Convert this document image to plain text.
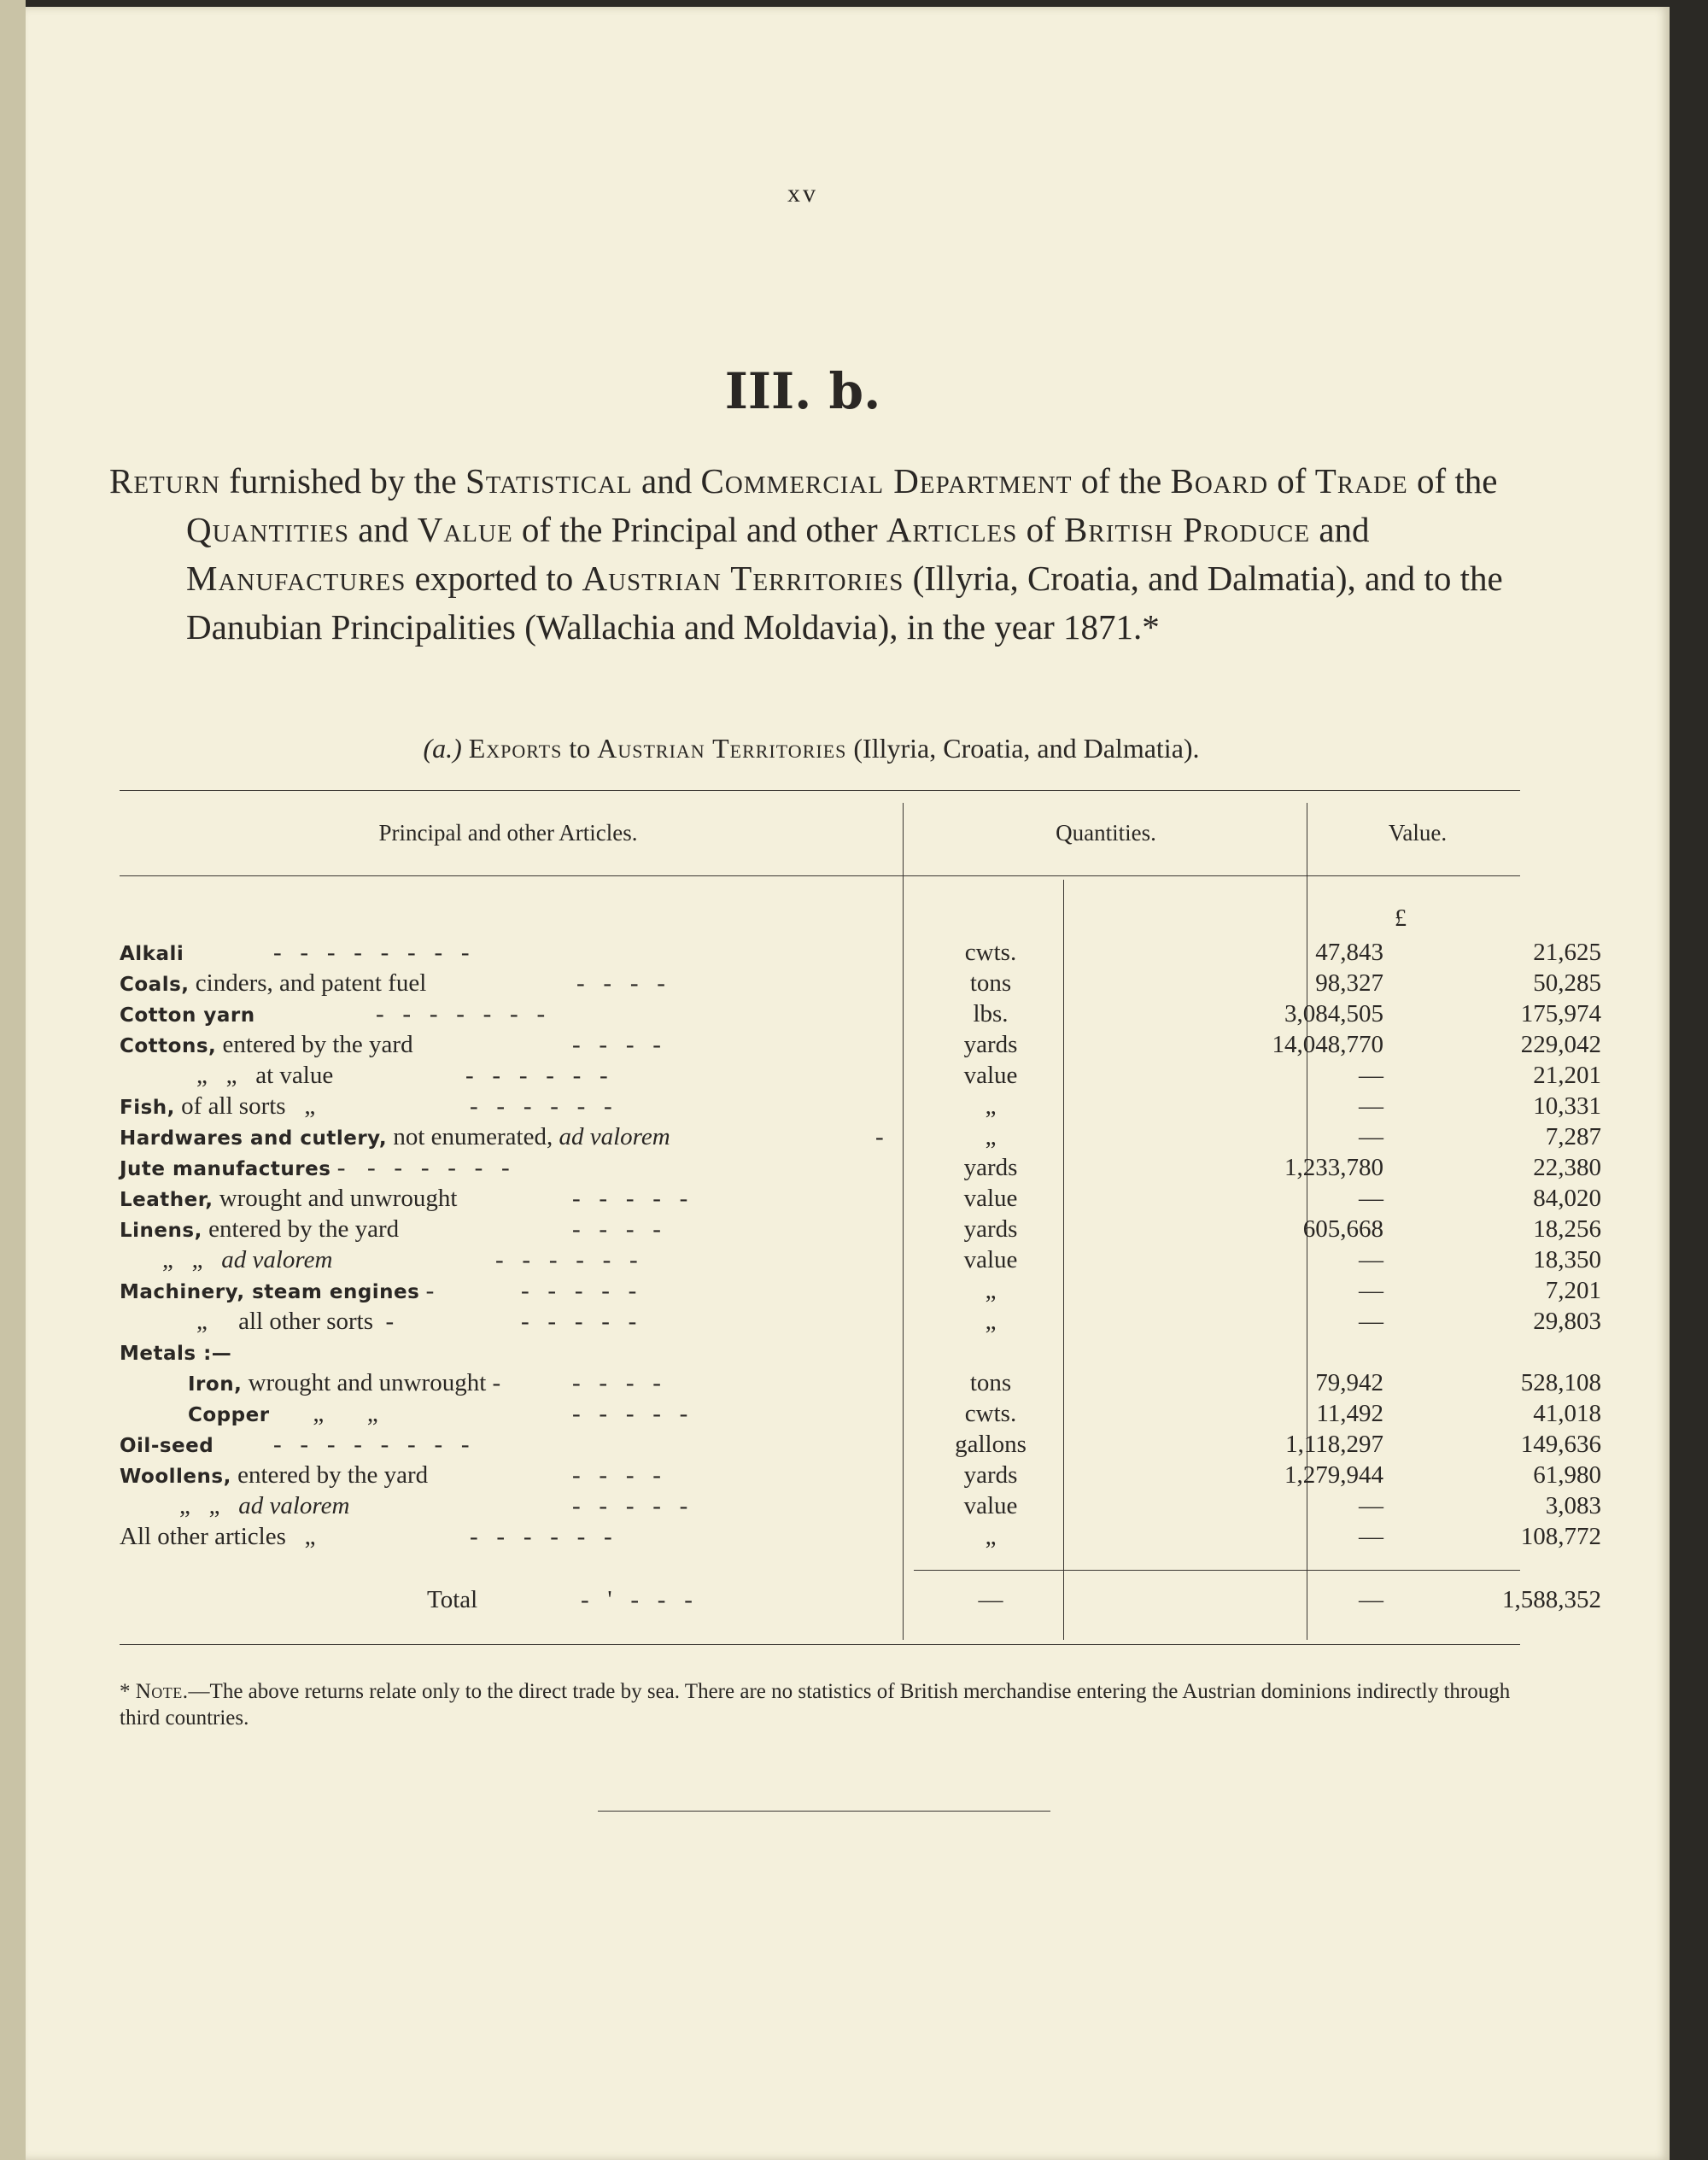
xv
III. b.

Return furnished by the Statistical and Commercial Department of the Board of Trade of the Quantities and Value of the Principal and other Articles of British Produce and Manufactures exported to Austrian Territories (Illyria, Croatia, and Dalmatia), and to the Danubian Principalities (Wallachia and Moldavia), in the year 1871.*

(a.) Exports to Austrian Territories (Illyria, Croatia, and Dalmatia).
Principal and other Articles.	Quantities.	Value.
£
Alkali	-   -   -   -   -   -   -   -	cwts.	47,843	21,625
Coals, cinders, and patent fuel	-   -   -   -	tons	98,327	50,285
Cotton yarn	-   -   -   -   -   -   -	lbs.	3,084,505	175,974
Cottons, entered by the yard	-   -   -   -	yards	14,048,770	229,042
„   „   at value	-   -   -   -   -   -	value	—	21,201
Fish, of all sorts   „	-   -   -   -   -   -	„	—	10,331
Hardwares and cutlery, not enumerated, ad valorem	-	„	—	7,287
Jute manufactures - -   -   -   -   -   -	yards	1,233,780	22,380
Leather, wrought and unwrought	-   -   -   -   -	value	—	84,020
Linens, entered by the yard	-   -   -   -	yards	605,668	18,256
„   „   ad valorem	-   -   -   -   -   -	value	—	18,350
Machinery, steam engines -	-   -   -   -   -	„	—	7,201
„     all other sorts  -	-   -   -   -   -	„	—	29,803
Metals :—
Iron, wrought and unwrought -	-   -   -   -	tons	79,942	528,108
Copper       „       „	-   -   -   -   -	cwts.	11,492	41,018
Oil-seed	-   -   -   -   -   -   -   -	gallons	1,118,297	149,636
Woollens, entered by the yard	-   -   -   -	yards	1,279,944	61,980
„   „   ad valorem	-   -   -   -   -	value	—	3,083
All other articles   „	-   -   -   -   -   -	„	—	108,772
Total	-   '   -   -   -	—	—	1,588,352
* Note.—The above returns relate only to the direct trade by sea. There are no statistics of British merchandise entering the Austrian dominions indirectly through third countries.
